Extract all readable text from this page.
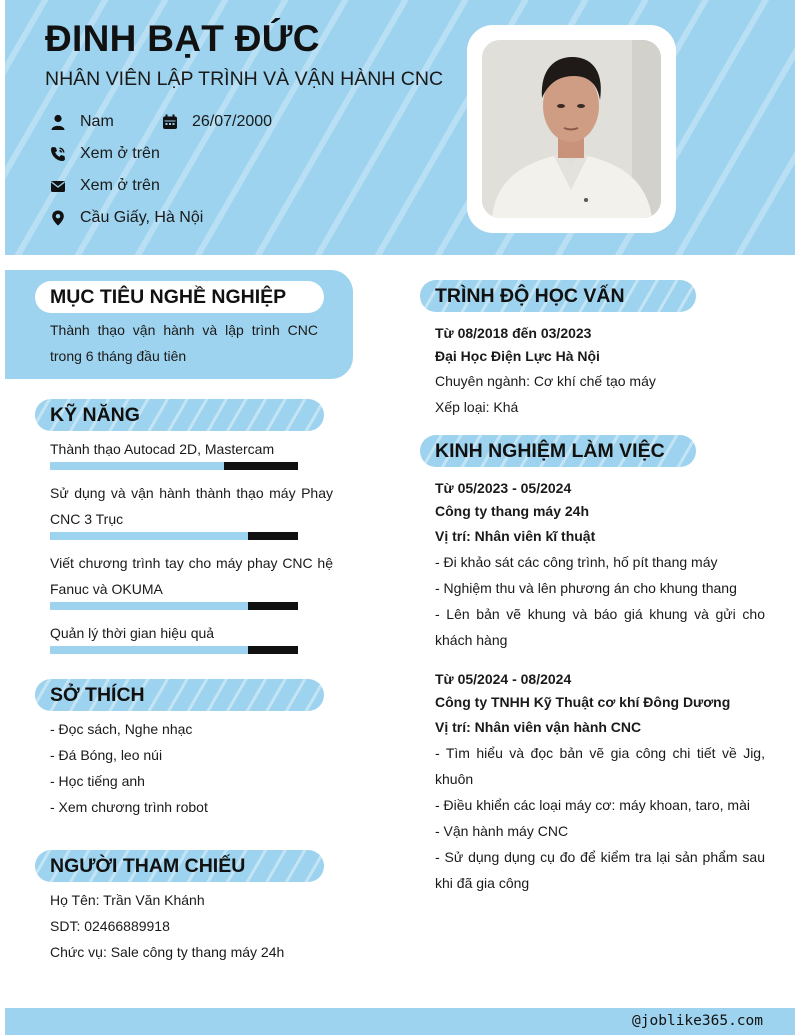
ĐINH BẠT ĐỨC
NHÂN VIÊN LẬP TRÌNH VÀ VẬN HÀNH CNC
Nam	26/07/2000
Xem ở trên
Xem ở trên
Cầu Giấy, Hà Nội
MỤC TIÊU NGHỀ NGHIỆP
Thành thạo vận hành và lập trình CNC trong 6 tháng đầu tiên
KỸ NĂNG
Thành thạo Autocad 2D, Mastercam
Sử dụng và vận hành thành thạo máy Phay CNC 3 Trục
Viết chương trình tay cho máy phay CNC hệ Fanuc và OKUMA
Quản lý thời gian hiệu quả
SỞ THÍCH
- Đọc sách, Nghe nhạc
- Đá Bóng, leo núi
- Học tiếng anh
- Xem chương trình robot
NGƯỜI THAM CHIẾU
Họ Tên: Trần Văn Khánh
SDT: 02466889918
Chức vụ: Sale công ty thang máy 24h
TRÌNH ĐỘ HỌC VẤN
Từ 08/2018 đến 03/2023
Đại Học Điện Lực Hà Nội
Chuyên ngành: Cơ khí chế tạo máy
Xếp loại: Khá
KINH NGHIỆM LÀM VIỆC
Từ 05/2023 - 05/2024
Công ty thang máy 24h
Vị trí: Nhân viên kĩ thuật
- Đi khảo sát các công trình, hố pít thang máy
- Nghiệm thu và lên phương án cho khung thang
- Lên bản vẽ khung và báo giá khung và gửi cho khách hàng
Từ 05/2024 - 08/2024
Công ty TNHH Kỹ Thuật cơ khí Đông Dương
Vị trí: Nhân viên vận hành CNC
- Tìm hiểu và đọc bản vẽ gia công chi tiết về Jig, khuôn
- Điều khiển các loại máy cơ: máy khoan, taro, mài
- Vận hành máy CNC
- Sử dụng dụng cụ đo để kiểm tra lại sản phẩm sau khi đã gia công
@joblike365.com
